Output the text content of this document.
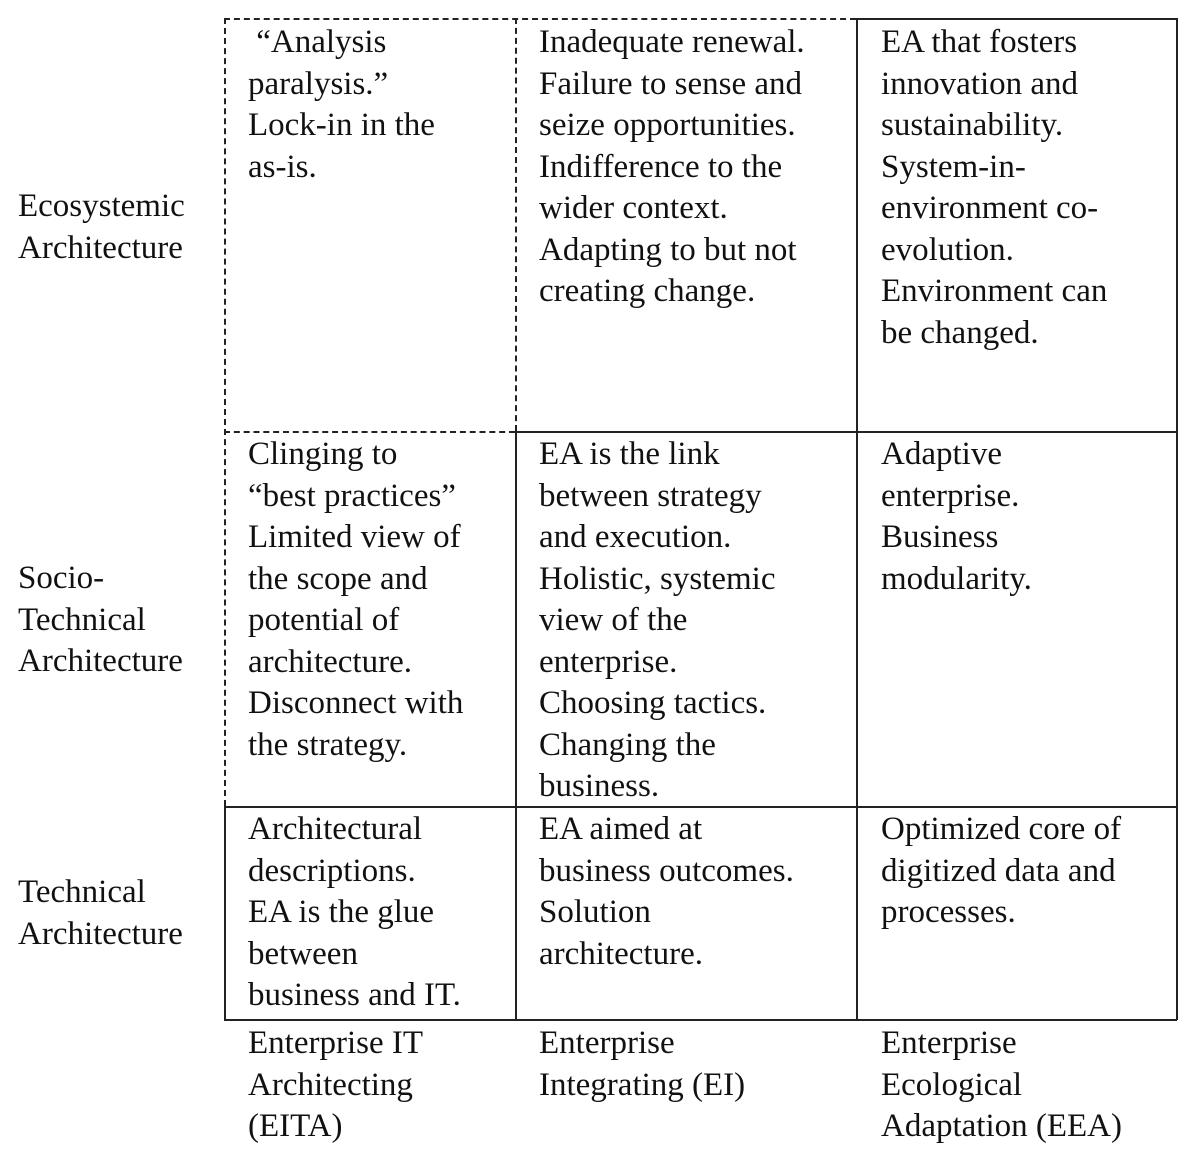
Ecosystemic
Architecture
Socio-
Technical
Architecture
Technical
Architecture
“Analysis
paralysis.”
Lock-in in the
as-is.
Inadequate renewal.
Failure to sense and
seize opportunities.
Indifference to the
wider context.
Adapting to but not
creating change.
EA that fosters
innovation and
sustainability.
System-in-
environment co-
evolution.
Environment can
be changed.
Clinging to
“best practices”
Limited view of
the scope and
potential of
architecture.
Disconnect with
the strategy.
EA is the link
between strategy
and execution.
Holistic, systemic
view of the
enterprise.
Choosing tactics.
Changing the
business.
Adaptive
enterprise.
Business
modularity.
Architectural
descriptions.
EA is the glue
between
business and IT.
EA aimed at
business outcomes.
Solution
architecture.
Optimized core of
digitized data and
processes.
Enterprise IT
Architecting
(EITA)
Enterprise
Integrating (EI)
Enterprise
Ecological
Adaptation (EEA)
